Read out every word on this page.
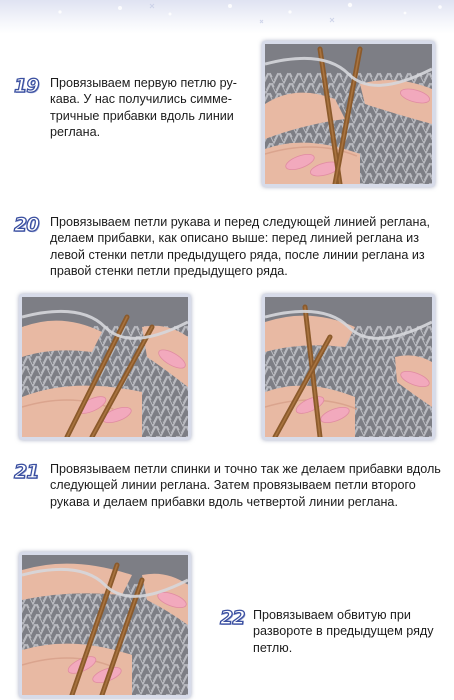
19 Провязываем первую петлю ру-
кава. У нас получились симме-
тричные прибавки вдоль линии
реглана.
20 Провязываем петли рукава и перед следующей линией реглана,
делаем прибавки, как описано выше: перед линией реглана из
левой стенки петли предыдущего ряда, после линии реглана из
правой стенки петли предыдущего ряда.
21 Провязываем петли спинки и точно так же делаем прибавки вдоль
следующей линии реглана. Затем провязываем петли второго
рукава и делаем прибавки вдоль четвертой линии реглана.
22 Провязываем обвитую при
развороте в предыдущем ряду
петлю.
